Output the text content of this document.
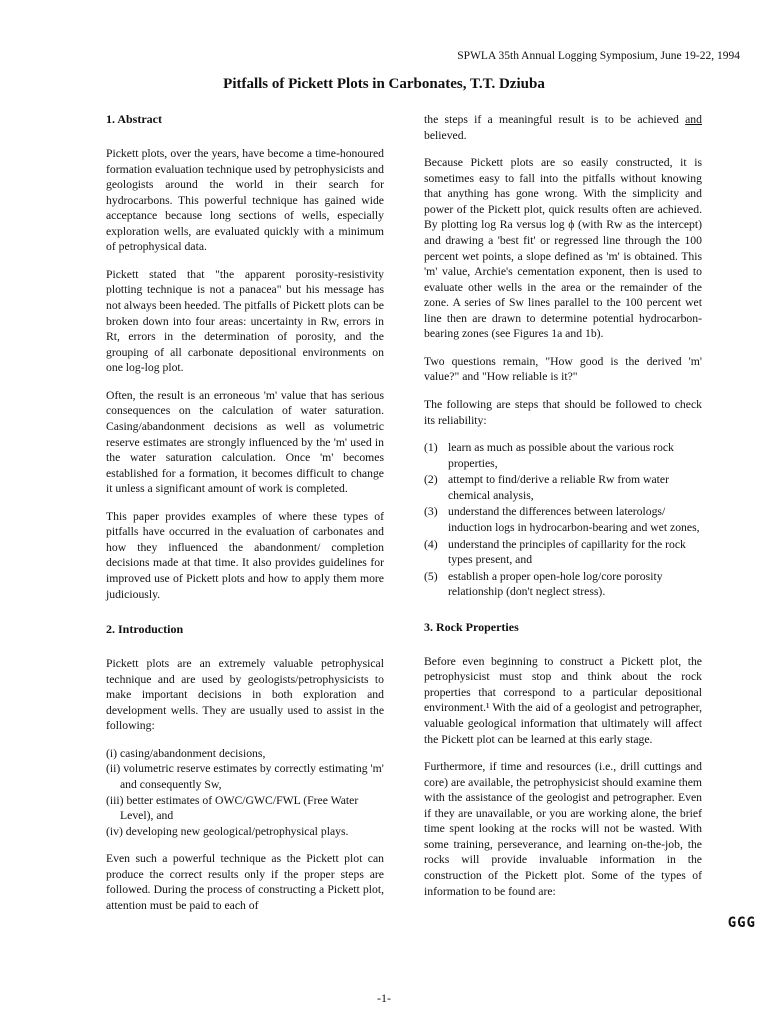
SPWLA 35th Annual Logging Symposium, June 19-22, 1994
Pitfalls of Pickett Plots in Carbonates, T.T. Dziuba
1. Abstract

Pickett plots, over the years, have become a time-honoured formation evaluation technique used by petrophysicists and geologists around the world in their search for hydrocarbons. This powerful technique has gained wide acceptance because long sections of wells, especially exploration wells, are evaluated quickly with a minimum of petrophysical data.

Pickett stated that "the apparent porosity-resistivity plotting technique is not a panacea" but his message has not always been heeded. The pitfalls of Pickett plots can be broken down into four areas: uncertainty in Rw, errors in Rt, errors in the determination of porosity, and the grouping of all carbonate depositional environments on one log-log plot.

Often, the result is an erroneous 'm' value that has serious consequences on the calculation of water saturation. Casing/abandonment decisions as well as volumetric reserve estimates are strongly influenced by the 'm' used in the water saturation calculation. Once 'm' becomes established for a formation, it becomes difficult to change it unless a significant amount of work is completed.

This paper provides examples of where these types of pitfalls have occurred in the evaluation of carbonates and how they influenced the abandonment/ completion decisions made at that time. It also provides guidelines for improved use of Pickett plots and how to apply them more judiciously.

2. Introduction

Pickett plots are an extremely valuable petrophysical technique and are used by geologists/petrophysicists to make important decisions in both exploration and development wells. They are usually used to assist in the following:

(i) casing/abandonment decisions,
(ii) volumetric reserve estimates by correctly estimating 'm' and consequently Sw,
(iii) better estimates of OWC/GWC/FWL (Free Water Level), and
(iv) developing new geological/petrophysical plays.

Even such a powerful technique as the Pickett plot can produce the correct results only if the proper steps are followed. During the process of constructing a Pickett plot, attention must be paid to each of

the steps if a meaningful result is to be achieved and believed.

Because Pickett plots are so easily constructed, it is sometimes easy to fall into the pitfalls without knowing that anything has gone wrong. With the simplicity and power of the Pickett plot, quick results often are achieved. By plotting log Ra versus log ϕ (with Rw as the intercept) and drawing a 'best fit' or regressed line through the 100 percent wet points, a slope defined as 'm' is obtained. This 'm' value, Archie's cementation exponent, then is used to evaluate other wells in the area or the remainder of the zone. A series of Sw lines parallel to the 100 percent wet line then are drawn to determine potential hydrocarbon-bearing zones (see Figures 1a and 1b).

Two questions remain, "How good is the derived 'm' value?" and "How reliable is it?"

The following are steps that should be followed to check its reliability:

(1) learn as much as possible about the various rock properties,
(2) attempt to find/derive a reliable Rw from water chemical analysis,
(3) understand the differences between laterologs/ induction logs in hydrocarbon-bearing and wet zones,
(4) understand the principles of capillarity for the rock types present, and
(5) establish a proper open-hole log/core porosity relationship (don't neglect stress).
3. Rock Properties

Before even beginning to construct a Pickett plot, the petrophysicist must stop and think about the rock properties that correspond to a particular depositional environment.¹ With the aid of a geologist and petrographer, valuable geological information that ultimately will affect the Pickett plot can be learned at this early stage.

Furthermore, if time and resources (i.e., drill cuttings and core) are available, the petrophysicist should examine them with the assistance of the geologist and petrographer. Even if they are unavailable, or you are working alone, the brief time spent looking at the rocks will not be wasted. With some training, perseverance, and learning on-the-job, the rocks will provide invaluable information in the construction of the Pickett plot. Some of the types of information to be found are:

GGG
-1-
